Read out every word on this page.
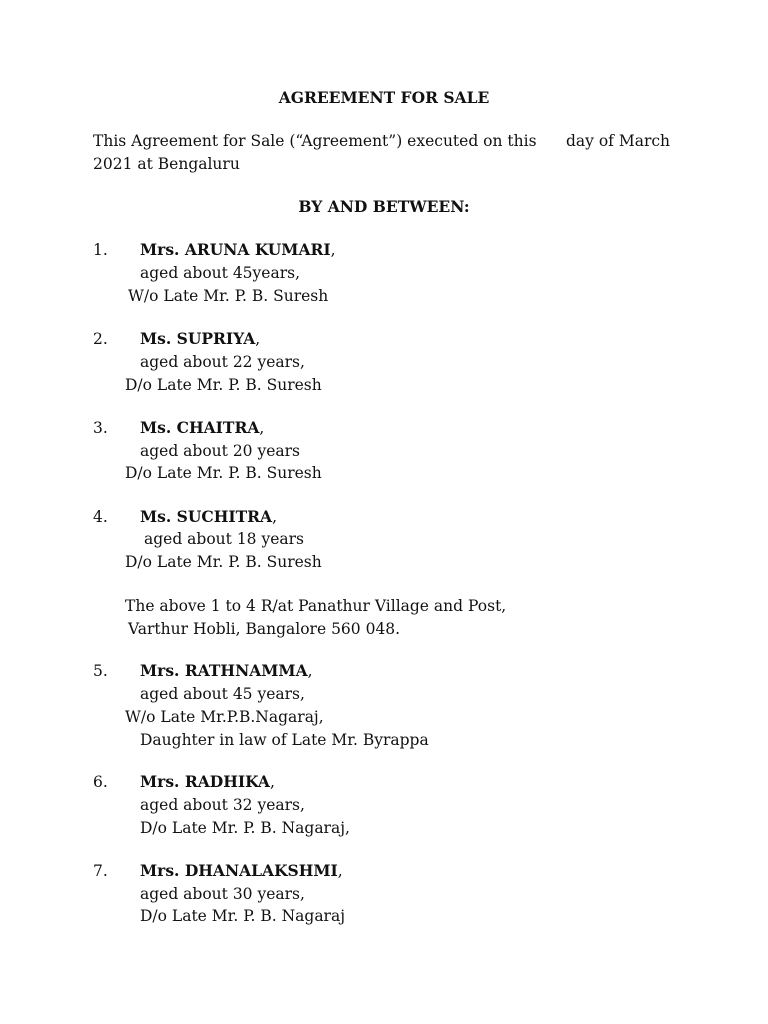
AGREEMENT FOR SALE
This Agreement for Sale (“Agreement”) executed on this day of March
2021 at Bengaluru
BY AND BETWEEN:
1. Mrs. ARUNA KUMARI,
aged about 45years,
W/o Late Mr. P. B. Suresh
2. Ms. SUPRIYA,
aged about 22 years,
D/o Late Mr. P. B. Suresh
3. Ms. CHAITRA,
aged about 20 years
D/o Late Mr. P. B. Suresh
4. Ms. SUCHITRA,
aged about 18 years
D/o Late Mr. P. B. Suresh
The above 1 to 4 R/at Panathur Village and Post,
Varthur Hobli, Bangalore 560 048.
5. Mrs. RATHNAMMA,
aged about 45 years,
W/o Late Mr.P.B.Nagaraj,
Daughter in law of Late Mr. Byrappa
6. Mrs. RADHIKA,
aged about 32 years,
D/o Late Mr. P. B. Nagaraj,
7. Mrs. DHANALAKSHMI,
aged about 30 years,
D/o Late Mr. P. B. Nagaraj
